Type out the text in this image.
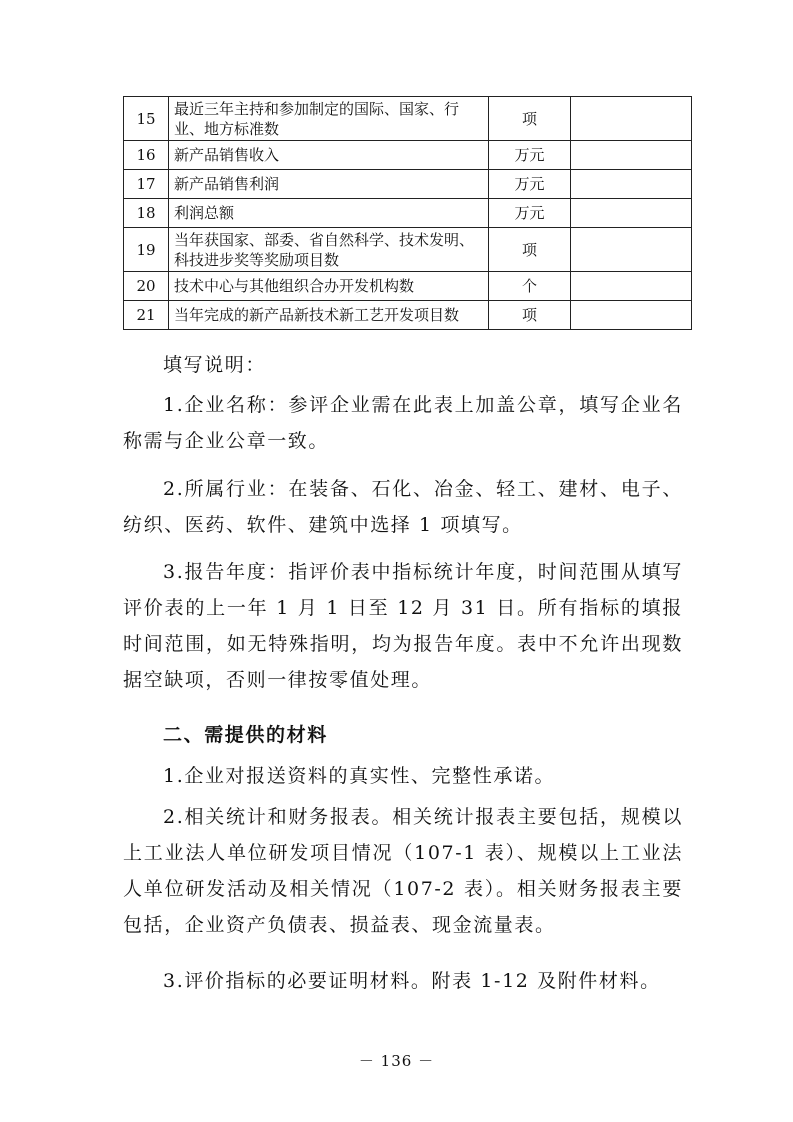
15	最近三年主持和参加制定的国际、国家、行业、地方标准数	项	
16	新产品销售收入	万元	
17	新产品销售利润	万元	
18	利润总额	万元	
19	当年获国家、部委、省自然科学、技术发明、科技进步奖等奖励项目数	项	
20	技术中心与其他组织合办开发机构数	个	
21	当年完成的新产品新技术新工艺开发项目数	项	

填写说明：

1.企业名称：参评企业需在此表上加盖公章，填写企业名称需与企业公章一致。

2.所属行业：在装备、石化、冶金、轻工、建材、电子、纺织、医药、软件、建筑中选择 1 项填写。

3.报告年度：指评价表中指标统计年度，时间范围从填写评价表的上一年 1 月 1 日至 12 月 31 日。所有指标的填报时间范围，如无特殊指明，均为报告年度。表中不允许出现数据空缺项，否则一律按零值处理。

二、需提供的材料

1.企业对报送资料的真实性、完整性承诺。

2.相关统计和财务报表。相关统计报表主要包括，规模以上工业法人单位研发项目情况（107-1 表）、规模以上工业法人单位研发活动及相关情况（107-2 表）。相关财务报表主要包括，企业资产负债表、损益表、现金流量表。

3.评价指标的必要证明材料。附表 1-12 及附件材料。

－ 136 －
